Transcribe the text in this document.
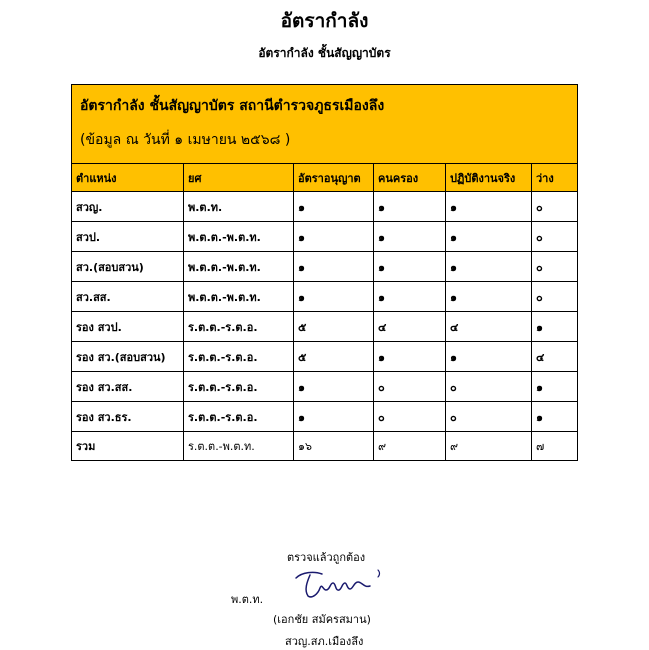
อัตรากำลัง
อัตรากำลัง ชั้นสัญญาบัตร
อัตรากำลัง ชั้นสัญญาบัตร สถานีตำรวจภูธรเมืองลึง
(ข้อมูล ณ วันที่ ๑ เมษายน ๒๕๖๘ )					

ตำแหน่ง	ยศ	อัตราอนุญาต	คนครอง	ปฏิบัติงานจริง	ว่าง
สวญ.	พ.ต.ท.	๑	๑	๑	๐
สวป.	พ.ต.ต.-พ.ต.ท.	๑	๑	๑	๐
สว.(สอบสวน)	พ.ต.ต.-พ.ต.ท.	๑	๑	๑	๐
สว.สส.	พ.ต.ต.-พ.ต.ท.	๑	๑	๑	๐
รอง สวป.	ร.ต.ต.-ร.ต.อ.	๕	๔	๔	๑
รอง สว.(สอบสวน)	ร.ต.ต.-ร.ต.อ.	๕	๑	๑	๔
รอง สว.สส.	ร.ต.ต.-ร.ต.อ.	๑	๐	๐	๑
รอง สว.ธร.	ร.ต.ต.-ร.ต.อ.	๑	๐	๐	๑
รวม	ร.ต.ต.-พ.ต.ท.	๑๖	๙	๙	๗
ตรวจแล้วถูกต้อง
พ.ต.ท.
(เอกชัย สมัครสมาน)
สวญ.สภ.เมืองลึง
